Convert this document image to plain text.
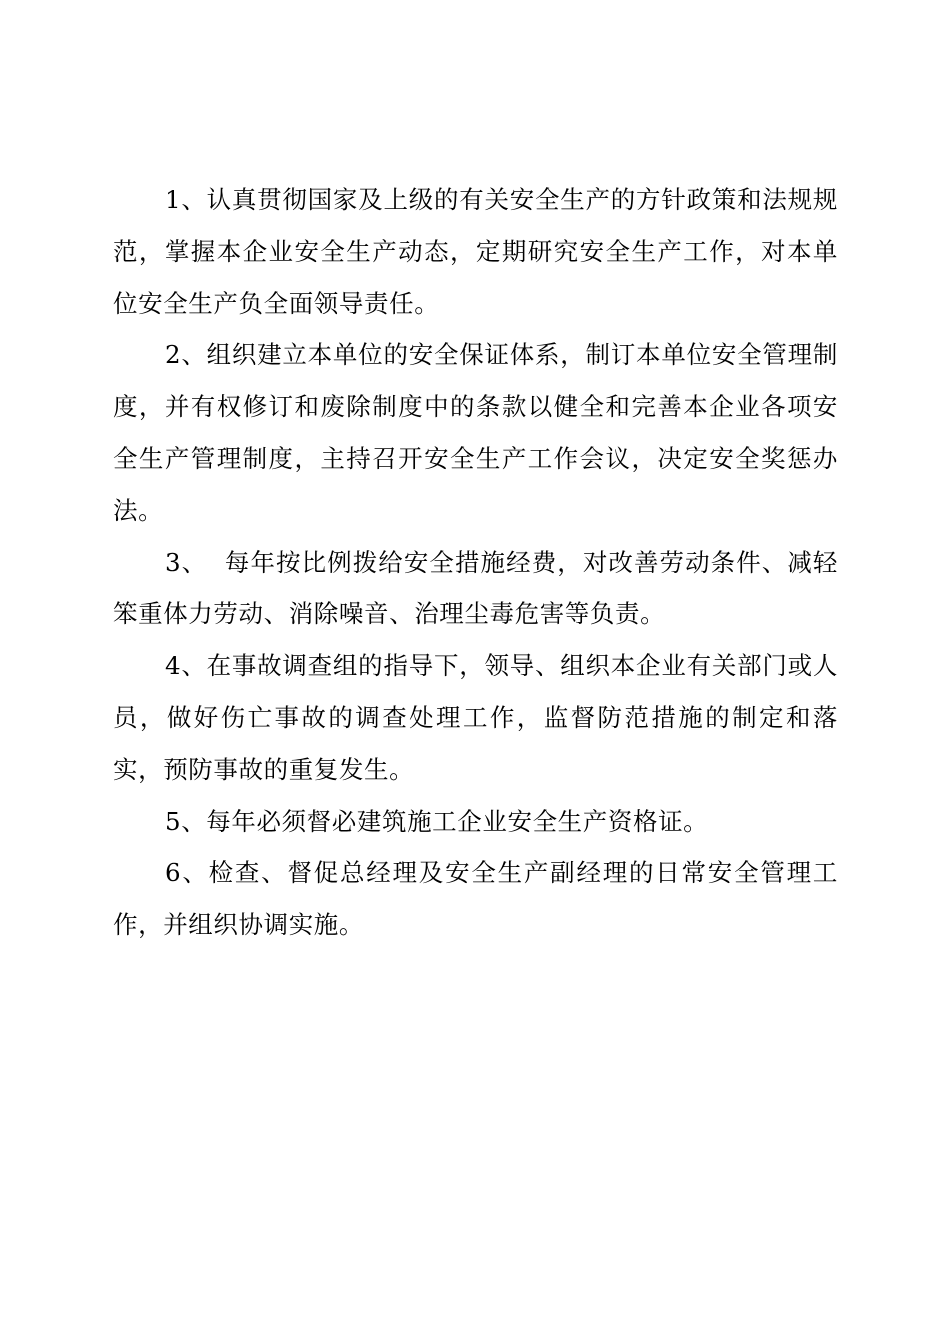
1、认真贯彻国家及上级的有关安全生产的方针政策和法规规范，掌握本企业安全生产动态，定期研究安全生产工作，对本单位安全生产负全面领导责任。

2、组织建立本单位的安全保证体系，制订本单位安全管理制度，并有权修订和废除制度中的条款以健全和完善本企业各项安全生产管理制度，主持召开安全生产工作会议，决定安全奖惩办法。

3、  每年按比例拨给安全措施经费，对改善劳动条件、减轻笨重体力劳动、消除噪音、治理尘毒危害等负责。

4、在事故调查组的指导下，领导、组织本企业有关部门或人员，做好伤亡事故的调查处理工作，监督防范措施的制定和落实，预防事故的重复发生。

5、每年必须督必建筑施工企业安全生产资格证。

6、检查、督促总经理及安全生产副经理的日常安全管理工作，并组织协调实施。
